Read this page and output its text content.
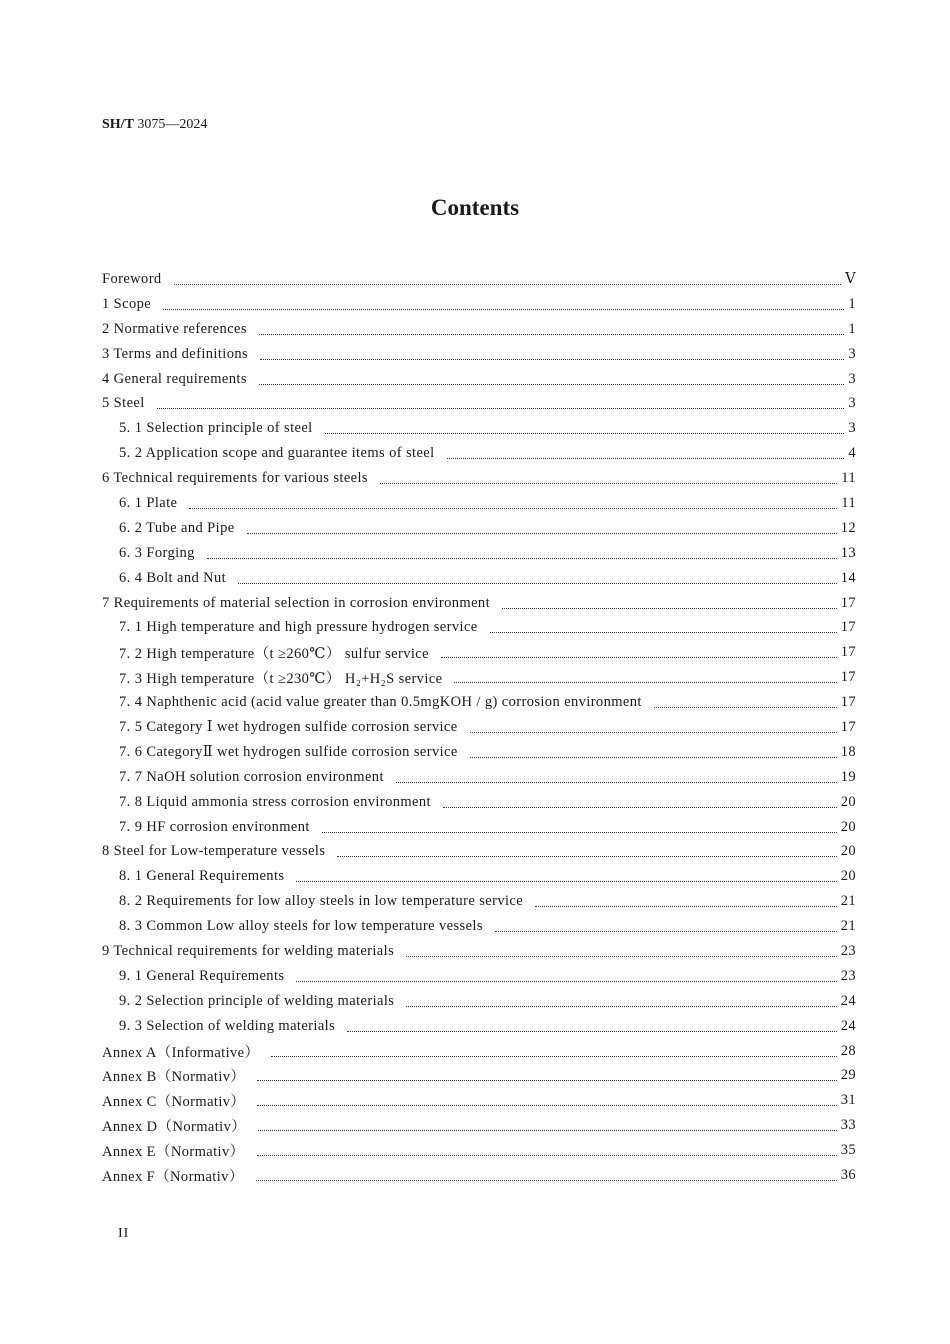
SH/T 3075—2024
Contents
Foreword	Ⅴ
1 Scope	1
2 Normative references	1
3 Terms and definitions	3
4 General requirements	3
5 Steel	3
5. 1 Selection principle of steel	3
5. 2 Application scope and guarantee items of steel	4
6 Technical requirements for various steels	11
6. 1 Plate	11
6. 2 Tube and Pipe	12
6. 3 Forging	13
6. 4 Bolt and Nut	14
7 Requirements of material selection in corrosion environment	17
7. 1 High temperature and high pressure hydrogen service	17
7. 2 High temperature（t ≥260℃） sulfur service	17
7. 3 High temperature（t ≥230℃） H₂+H₂S service	17
7. 4 Naphthenic acid (acid value greater than 0.5mgKOH / g) corrosion environment	17
7. 5 Category Ⅰ wet hydrogen sulfide corrosion service	17
7. 6 CategoryⅡ wet hydrogen sulfide corrosion service	18
7. 7 NaOH solution corrosion environment	19
7. 8 Liquid ammonia stress corrosion environment	20
7. 9 HF corrosion environment	20
8 Steel for Low-temperature vessels	20
8. 1 General Requirements	20
8. 2 Requirements for low alloy steels in low temperature service	21
8. 3 Common Low alloy steels for low temperature vessels	21
9 Technical requirements for welding materials	23
9. 1 General Requirements	23
9. 2 Selection principle of welding materials	24
9. 3 Selection of welding materials	24
Annex A（Informative）	28
Annex B（Normativ）	29
Annex C（Normativ）	31
Annex D（Normativ）	33
Annex E（Normativ）	35
Annex F（Normativ）	36
II
